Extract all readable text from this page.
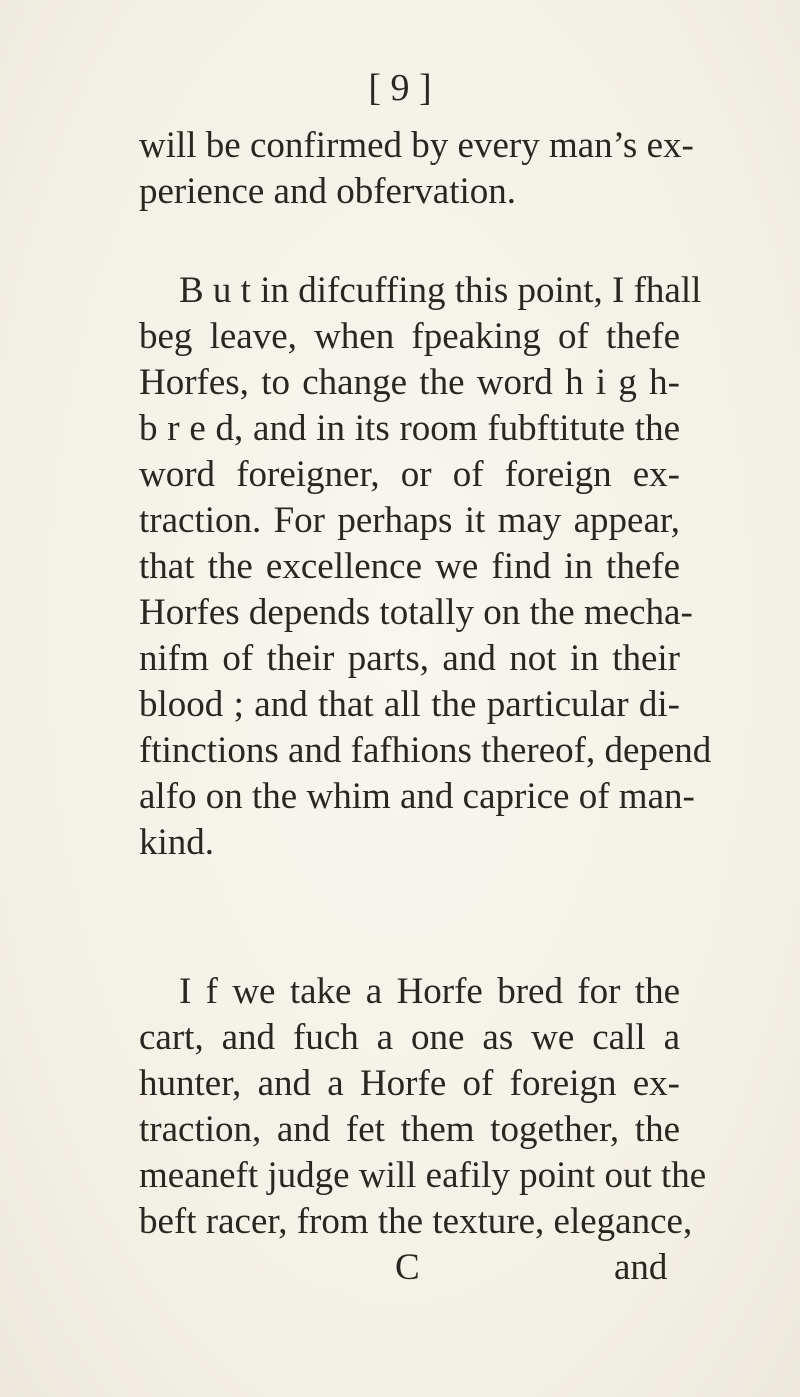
[ 9 ]
will be confirmed by every man’s ex-
perience and obfervation.
B u t in difcuffing this point, I fhall
beg leave, when fpeaking of thefe
Horfes, to change the word h i g h-
b r e d, and in its room fubftitute the
word foreigner, or of foreign ex-
traction. For perhaps it may appear,
that the excellence we find in thefe
Horfes depends totally on the mecha-
nifm of their parts, and not in their
blood ; and that all the particular di-
ftinctions and fafhions thereof, depend
alfo on the whim and caprice of man-
kind.
I f we take a Horfe bred for the
cart, and fuch a one as we call a
hunter, and a Horfe of foreign ex-
traction, and fet them together, the
meaneft judge will eafily point out the
beft racer, from the texture, elegance,
C	and
